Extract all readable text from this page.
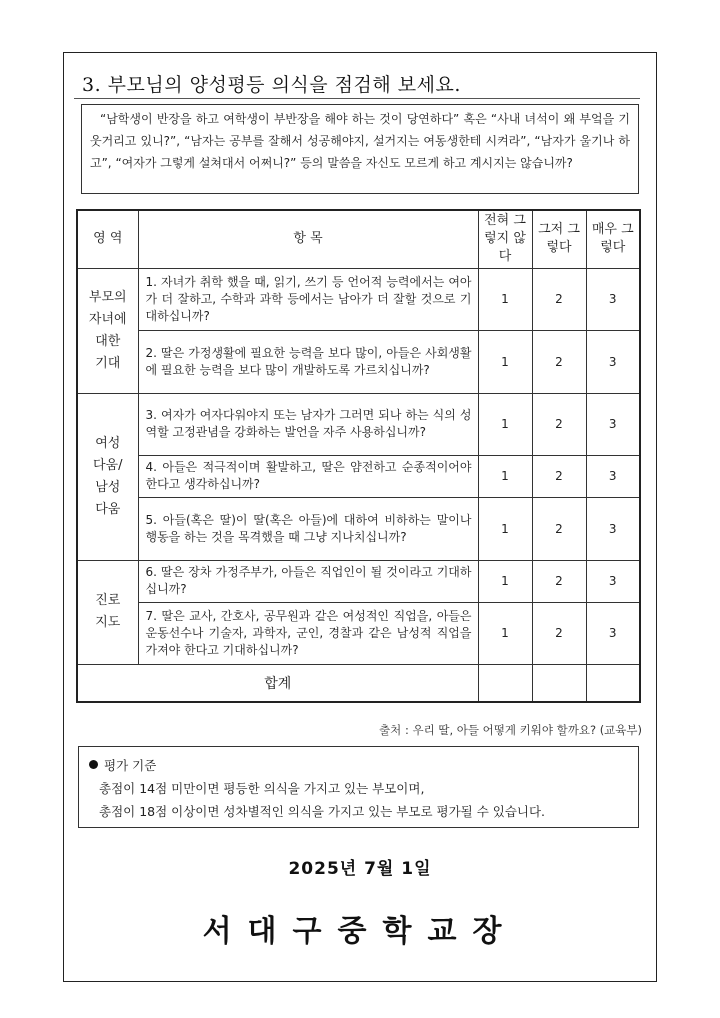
3. 부모님의 양성평등 의식을 점검해 보세요.
“남학생이 반장을 하고 여학생이 부반장을 해야 하는 것이 당연하다” 혹은 “사내 녀석이 왜 부엌을 기웃거리고 있니?”, “남자는 공부를 잘해서 성공해야지, 설거지는 여동생한테 시켜라”, “남자가 울기나 하고”, “여자가 그렇게 설쳐대서 어쩌니?” 등의 말씀을 자신도 모르게 하고 계시지는 않습니까?
영 역	항 목	전혀 그렇지 않다	그저 그렇다	매우 그렇다
부모의 자녀에 대한 기대	1. 자녀가 취학 했을 때, 읽기, 쓰기 등 언어적 능력에서는 여아가 더 잘하고, 수학과 과학 등에서는 남아가 더 잘할 것으로 기대하십니까?	1	2	3
	2. 딸은 가정생활에 필요한 능력을 보다 많이, 아들은 사회생활에 필요한 능력을 보다 많이 개발하도록 가르치십니까?	1	2	3
여성 다움/ 남성 다움	3. 여자가 여자다워야지 또는 남자가 그러면 되나 하는 식의 성역할 고정관념을 강화하는 발언을 자주 사용하십니까?	1	2	3
	4. 아들은 적극적이며 활발하고, 딸은 얌전하고 순종적이어야 한다고 생각하십니까?	1	2	3
	5. 아들(혹은 딸)이 딸(혹은 아들)에 대하여 비하하는 말이나 행동을 하는 것을 목격했을 때 그냥 지나치십니까?	1	2	3
진로 지도	6. 딸은 장차 가정주부가, 아들은 직업인이 될 것이라고 기대하십니까?	1	2	3
	7. 딸은 교사, 간호사, 공무원과 같은 여성적인 직업을, 아들은 운동선수나 기술자, 과학자, 군인, 경찰과 같은 남성적 직업을 가져야 한다고 기대하십니까?	1	2	3
합계				
출처 : 우리 딸, 아들 어떻게 키워야 할까요? (교육부)
평가 기준
총점이 14점 미만이면 평등한 의식을 가지고 있는 부모이며,
총점이 18점 이상이면 성차별적인 의식을 가지고 있는 부모로 평가될 수 있습니다.
2025년 7월 1일
서대구중학교장
